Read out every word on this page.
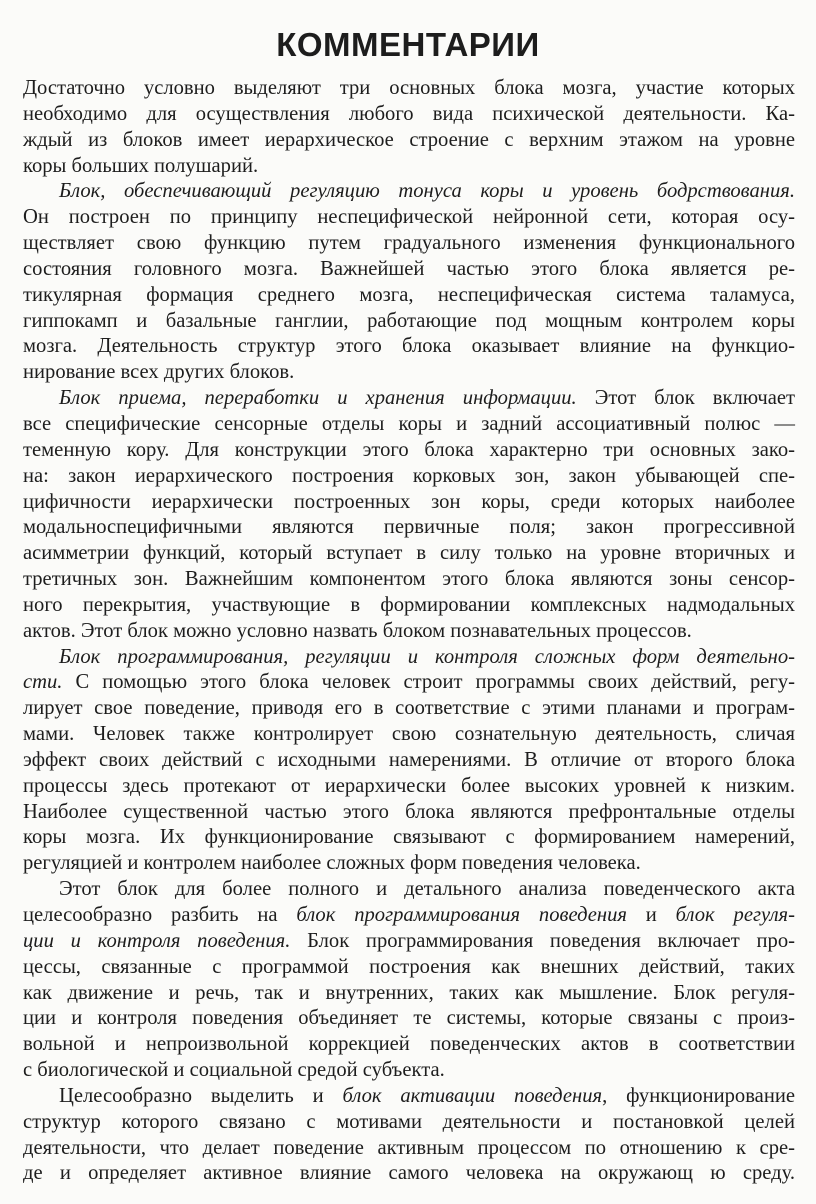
КОММЕНТАРИИ
Достаточно условно выделяют три основных блока мозга, участие которых
необходимо для осуществления любого вида психической деятельности. Ка-
ждый из блоков имеет иерархическое строение с верхним этажом на уровне
коры больших полушарий.
Блок, обеспечивающий регуляцию тонуса коры и уровень бодрствования.
Он построен по принципу неспецифической нейронной сети, которая осу-
ществляет свою функцию путем градуального изменения функционального
состояния головного мозга. Важнейшей частью этого блока является ре-
тикулярная формация среднего мозга, неспецифическая система таламуса,
гиппокамп и базальные ганглии, работающие под мощным контролем коры
мозга. Деятельность структур этого блока оказывает влияние на функцио-
нирование всех других блоков.
Блок приема, переработки и хранения информации. Этот блок включает
все специфические сенсорные отделы коры и задний ассоциативный полюс —
теменную кору. Для конструкции этого блока характерно три основных зако-
на: закон иерархического построения корковых зон, закон убывающей спе-
цифичности иерархически построенных зон коры, среди которых наиболее
модальноспецифичными являются первичные поля; закон прогрессивной
асимметрии функций, который вступает в силу только на уровне вторичных и
третичных зон. Важнейшим компонентом этого блока являются зоны сенсор-
ного перекрытия, участвующие в формировании комплексных надмодальных
актов. Этот блок можно условно назвать блоком познавательных процессов.
Блок программирования, регуляции и контроля сложных форм деятельно-
сти. С помощью этого блока человек строит программы своих действий, регу-
лирует свое поведение, приводя его в соответствие с этими планами и програм-
мами. Человек также контролирует свою сознательную деятельность, сличая
эффект своих действий с исходными намерениями. В отличие от второго блока
процессы здесь протекают от иерархически более высоких уровней к низким.
Наиболее существенной частью этого блока являются префронтальные отделы
коры мозга. Их функционирование связывают с формированием намерений,
регуляцией и контролем наиболее сложных форм поведения человека.
Этот блок для более полного и детального анализа поведенческого акта
целесообразно разбить на блок программирования поведения и блок регуля-
ции и контроля поведения. Блок программирования поведения включает про-
цессы, связанные с программой построения как внешних действий, таких
как движение и речь, так и внутренних, таких как мышление. Блок регуля-
ции и контроля поведения объединяет те системы, которые связаны с произ-
вольной и непроизвольной коррекцией поведенческих актов в соответствии
с биологической и социальной средой субъекта.
Целесообразно выделить и блок активации поведения, функционирование
структур которого связано с мотивами деятельности и постановкой целей
деятельности, что делает поведение активным процессом по отношению к сре-
де и определяет активное влияние самого человека на окружающ ю среду.
